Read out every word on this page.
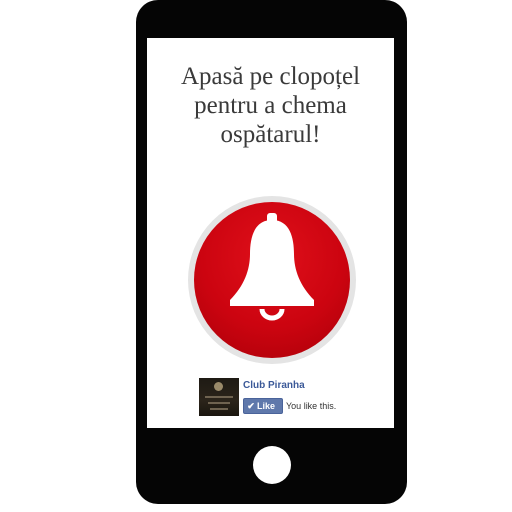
Apasă pe clopoțel
pentru a chema
ospătarul!
Club Piranha
✔ Like	You like this.
